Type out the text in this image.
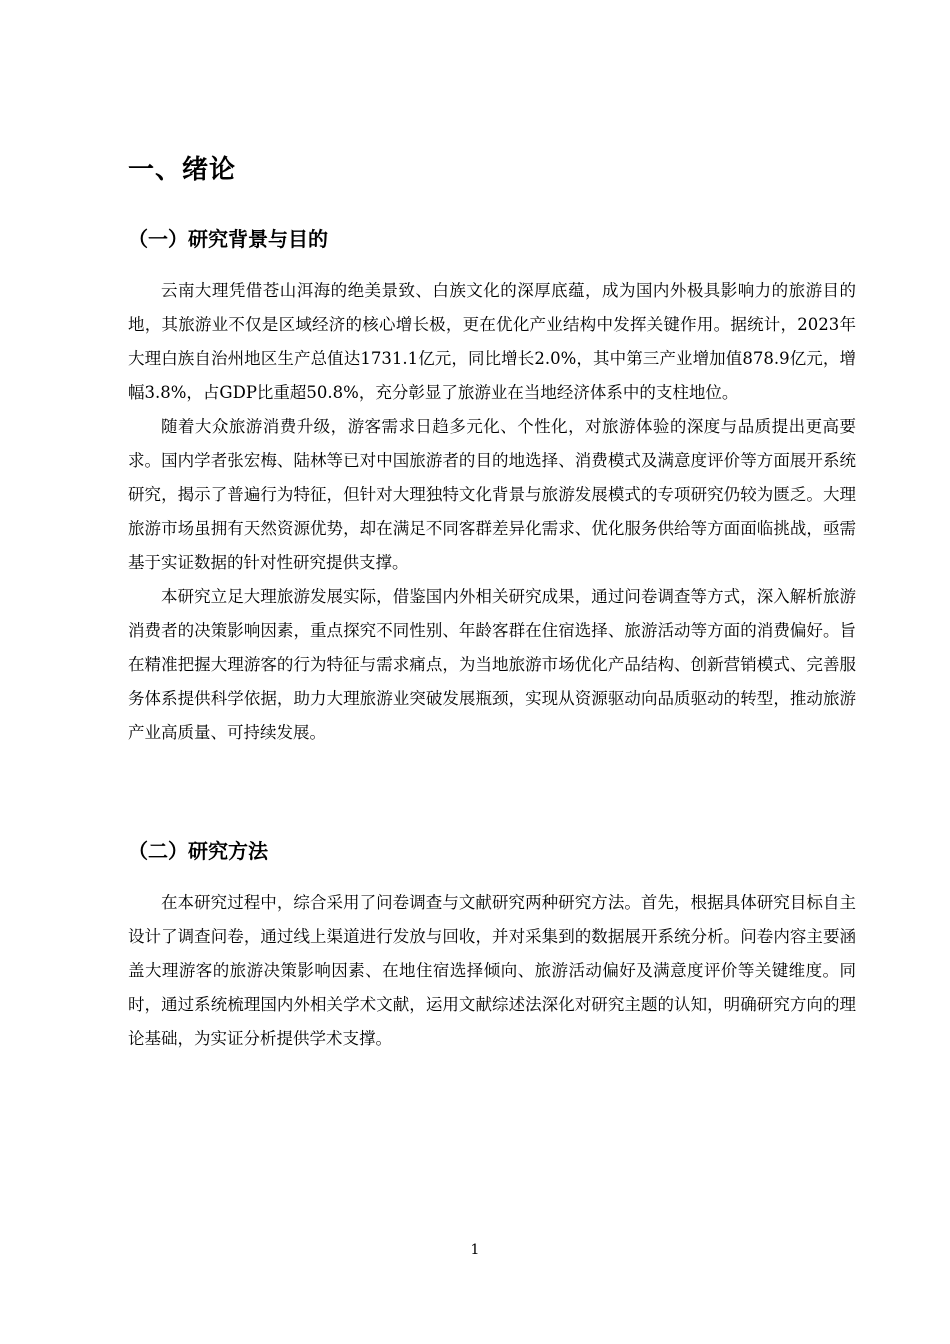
一、绪论
（一）研究背景与目的

云南大理凭借苍山洱海的绝美景致、白族文化的深厚底蕴，成为国内外极具影响力的旅游目的地，其旅游业不仅是区域经济的核心增长极，更在优化产业结构中发挥关键作用。据统计，2023年大理白族自治州地区生产总值达1731.1亿元，同比增长2.0%，其中第三产业增加值878.9亿元，增幅3.8%，占GDP比重超50.8%，充分彰显了旅游业在当地经济体系中的支柱地位。

随着大众旅游消费升级，游客需求日趋多元化、个性化，对旅游体验的深度与品质提出更高要求。国内学者张宏梅、陆林等已对中国旅游者的目的地选择、消费模式及满意度评价等方面展开系统研究，揭示了普遍行为特征，但针对大理独特文化背景与旅游发展模式的专项研究仍较为匮乏。大理旅游市场虽拥有天然资源优势，却在满足不同客群差异化需求、优化服务供给等方面面临挑战，亟需基于实证数据的针对性研究提供支撑。

本研究立足大理旅游发展实际，借鉴国内外相关研究成果，通过问卷调查等方式，深入解析旅游消费者的决策影响因素，重点探究不同性别、年龄客群在住宿选择、旅游活动等方面的消费偏好。旨在精准把握大理游客的行为特征与需求痛点，为当地旅游市场优化产品结构、创新营销模式、完善服务体系提供科学依据，助力大理旅游业突破发展瓶颈，实现从资源驱动向品质驱动的转型，推动旅游产业高质量、可持续发展。

（二）研究方法

在本研究过程中，综合采用了问卷调查与文献研究两种研究方法。首先，根据具体研究目标自主设计了调查问卷，通过线上渠道进行发放与回收，并对采集到的数据展开系统分析。问卷内容主要涵盖大理游客的旅游决策影响因素、在地住宿选择倾向、旅游活动偏好及满意度评价等关键维度。同时，通过系统梳理国内外相关学术文献，运用文献综述法深化对研究主题的认知，明确研究方向的理论基础，为实证分析提供学术支撑。

1
